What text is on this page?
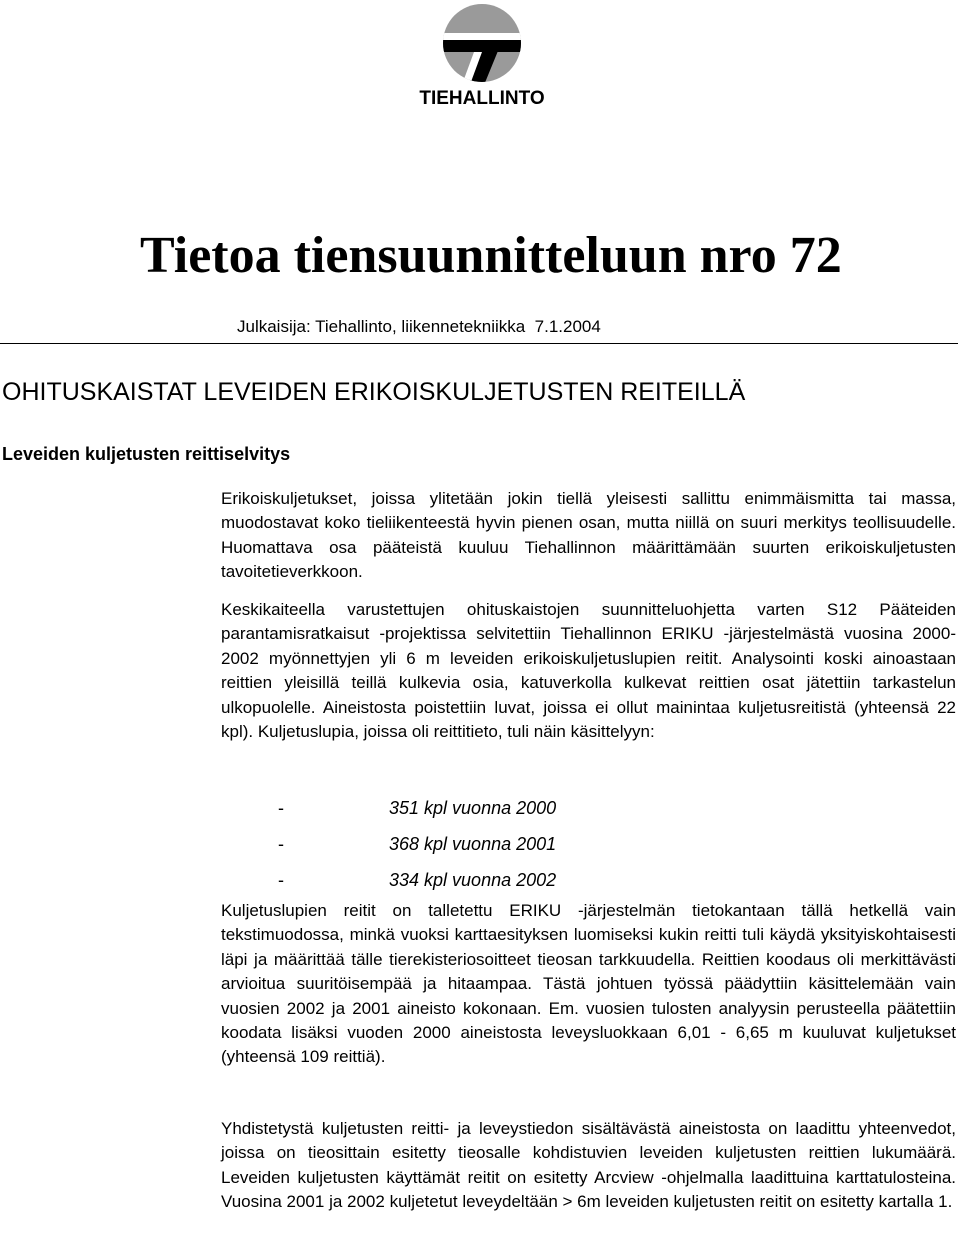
TIEHALLINTO
Tietoa tiensuunnitteluun nro 72
Julkaisija: Tiehallinto, liikennetekniikka  7.1.2004
OHITUSKAISTAT LEVEIDEN ERIKOISKULJETUSTEN REITEILLÄ
Leveiden kuljetusten reittiselvitys

Erikoiskuljetukset, joissa ylitetään jokin tiellä yleisesti sallittu enimmäismitta tai massa, muodostavat koko tieliikenteestä hyvin pienen osan, mutta niillä on suuri merkitys teollisuudelle. Huomattava osa pääteistä kuuluu Tiehallinnon määrittämään suurten erikoiskuljetusten tavoitetieverkkoon.

Keskikaiteella varustettujen ohituskaistojen suunnitteluohjetta varten S12 Pääteiden parantamisratkaisut -projektissa selvitettiin Tiehallinnon ERIKU -järjestelmästä vuosina 2000-2002 myönnettyjen yli 6 m leveiden erikoiskuljetuslupien reitit. Analysointi koski ainoastaan reittien yleisillä teillä kulkevia osia, katuverkolla kulkevat reittien osat jätettiin tarkastelun ulkopuolelle. Aineistosta poistettiin luvat, joissa ei ollut mainintaa kuljetusreitistä (yhteensä 22 kpl). Kuljetuslupia, joissa oli reittitieto, tuli näin käsittelyyn:

-	351 kpl vuonna 2000
-	368 kpl vuonna 2001
-	334 kpl vuonna 2002

Kuljetuslupien reitit on talletettu ERIKU -järjestelmän tietokantaan tällä hetkellä vain tekstimuodossa, minkä vuoksi karttaesityksen luomiseksi kukin reitti tuli käydä yksityiskohtaisesti läpi ja määrittää tälle tierekisteriosoitteet tieosan tarkkuudella. Reittien koodaus oli merkittävästi arvioitua suuritöisempää ja hitaampaa. Tästä johtuen työssä päädyttiin käsittelemään vain vuosien 2002 ja 2001 aineisto kokonaan. Em. vuosien tulosten analyysin perusteella päätettiin koodata lisäksi vuoden 2000 aineistosta leveysluokkaan 6,01 - 6,65 m kuuluvat kuljetukset (yhteensä 109 reittiä).

Yhdistetystä kuljetusten reitti- ja leveystiedon sisältävästä aineistosta on laadittu yhteenvedot, joissa on tieosittain esitetty tieosalle kohdistuvien leveiden kuljetusten reittien lukumäärä. Leveiden kuljetusten käyttämät reitit on esitetty Arcview -ohjelmalla laadittuina karttatulosteina. Vuosina 2001 ja 2002 kuljetetut leveydeltään > 6m leveiden kuljetusten reitit on esitetty kartalla 1.
